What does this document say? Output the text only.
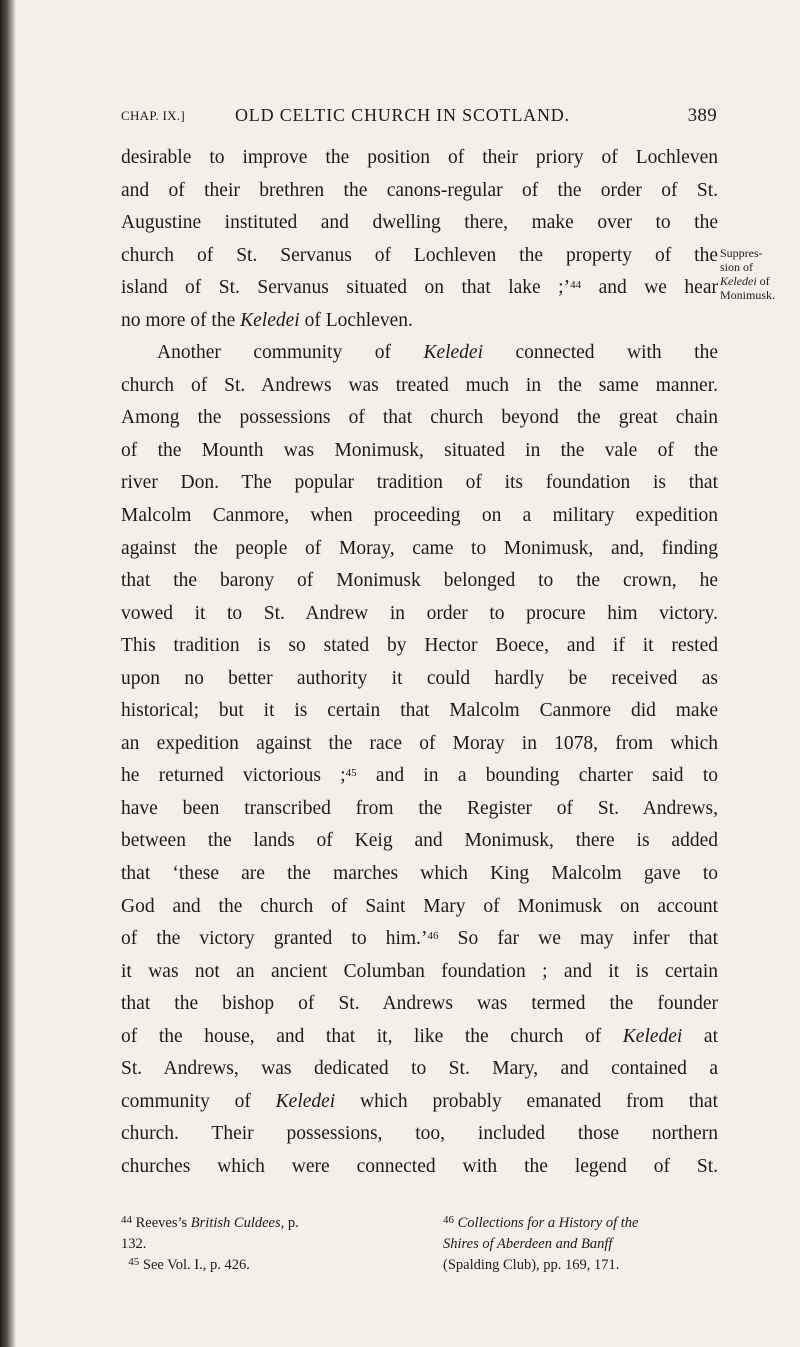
CHAP. IX.]	OLD CELTIC CHURCH IN SCOTLAND.	389

desirable to improve the position of their priory of Lochleven

and of their brethren the canons-regular of the order of St.

Augustine instituted and dwelling there, make over to the

church of St. Servanus of Lochleven the property of the

island of St. Servanus situated on that lake ;’$^{44}$ and we hear

no more of the Keledei of Lochleven.

Another community of Keledei connected with the

church of St. Andrews was treated much in the same manner.

Among the possessions of that church beyond the great chain

of the Mounth was Monimusk, situated in the vale of the

river Don. The popular tradition of its foundation is that

Malcolm Canmore, when proceeding on a military expedition

against the people of Moray, came to Monimusk, and, finding

that the barony of Monimusk belonged to the crown, he

vowed it to St. Andrew in order to procure him victory.

This tradition is so stated by Hector Boece, and if it rested

upon no better authority it could hardly be received as

historical; but it is certain that Malcolm Canmore did make

an expedition against the race of Moray in 1078, from which

he returned victorious ;$^{45}$ and in a bounding charter said to

have been transcribed from the Register of St. Andrews,

between the lands of Keig and Monimusk, there is added

that ‘these are the marches which King Malcolm gave to

God and the church of Saint Mary of Monimusk on account

of the victory granted to him.’$^{46}$ So far we may infer that

it was not an ancient Columban foundation ; and it is certain

that the bishop of St. Andrews was termed the founder

of the house, and that it, like the church of Keledei at

St. Andrews, was dedicated to St. Mary, and contained a

community of Keledei which probably emanated from that

church. Their possessions, too, included those northern

churches which were connected with the legend of St.

Suppres-
sion of
Keledei of
Monimusk.
$^{44}$ Reeves’s British Culdees, p.
132.
$^{45}$ See Vol. I., p. 426.
$^{46}$ Collections for a History of the
Shires of Aberdeen and Banff
(Spalding Club), pp. 169, 171.
